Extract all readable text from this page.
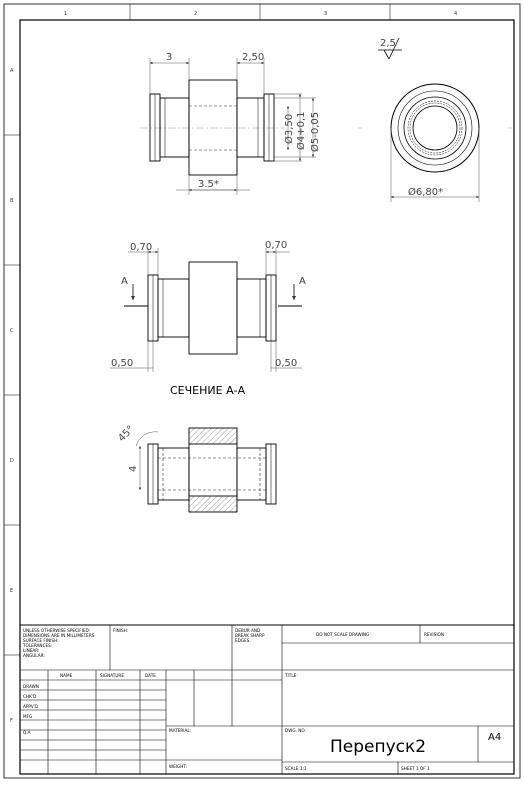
1	2	3	4
A
B
C
D
E
F
3	2,50
Ø3,50 Ø4+0,1 Ø5-0,05
3.5*
2,5
Ø6,80*
A	A
0,70	0,70
0,50	0,50
СЕЧЕНИЕ А-А
45°
4
UNLESS OTHERWISE SPECIFIED:
DIMENSIONS ARE IN MILLIMETERS
SURFACE FINISH:
TOLERANCES:
LINEAR:
ANGULAR:
FINISH:	DEBUR AND
BREAK SHARP
EDGES
DO NOT SCALE DRAWING	REVISION
NAME	SIGNATURE	DATE
DRAWN
CHK'D
APPV'D
MFG
Q.A
TITLE:
MATERIAL:
WEIGHT:
DWG. NO.
Перепуск2	A4
SCALE:1:1	SHEET 1 OF 1
